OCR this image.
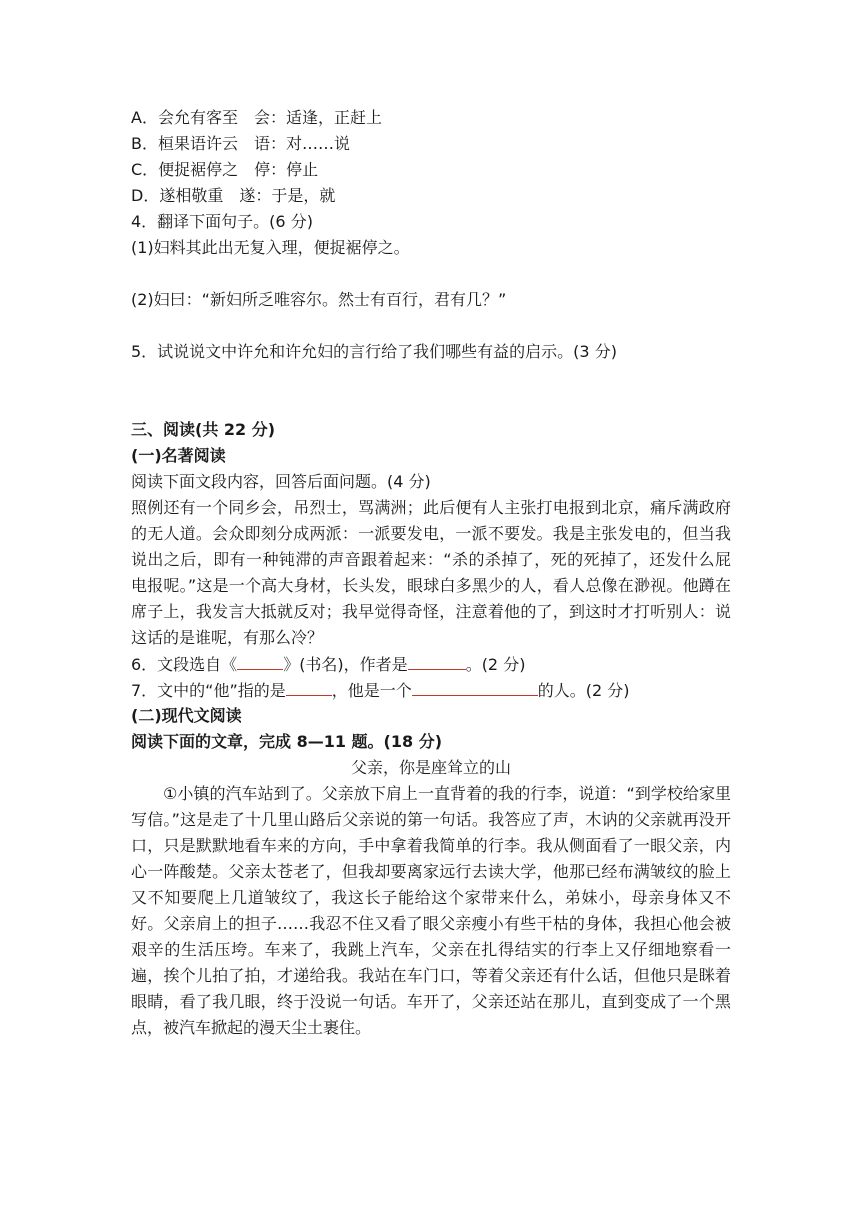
A．会允有客至　会：适逢，正赶上
B．桓果语许云　语：对……说
C．便捉裾停之　停：停止
D．遂相敬重　遂：于是，就
4．翻译下面句子。(6 分)
(1)妇料其此出无复入理，便捉裾停之。
(2)妇曰：“新妇所乏唯容尔。然士有百行，君有几？”
5．试说说文中许允和许允妇的言行给了我们哪些有益的启示。(3 分)
三、阅读(共 22 分)
(一)名著阅读
阅读下面文段内容，回答后面问题。(4 分)
照例还有一个同乡会，吊烈士，骂满洲；此后便有人主张打电报到北京，痛斥满政府的无人道。会众即刻分成两派：一派要发电，一派不要发。我是主张发电的，但当我说出之后，即有一种钝滞的声音跟着起来：“杀的杀掉了，死的死掉了，还发什么屁电报呢。”这是一个高大身材，长头发，眼球白多黑少的人，看人总像在渺视。他蹲在席子上，我发言大抵就反对；我早觉得奇怪，注意着他的了，到这时才打听别人：说这话的是谁呢，有那么冷？
6．文段选自《	》(书名)，作者是	。(2 分)
7．文中的“他”指的是	，他是一个	的人。(2 分)
(二)现代文阅读
阅读下面的文章，完成 8—11 题。(18 分)
父亲，你是座耸立的山
①小镇的汽车站到了。父亲放下肩上一直背着的我的行李，说道：“到学校给家里写信。”这是走了十几里山路后父亲说的第一句话。我答应了声，木讷的父亲就再没开口，只是默默地看车来的方向，手中拿着我简单的行李。我从侧面看了一眼父亲，内心一阵酸楚。父亲太苍老了，但我却要离家远行去读大学，他那已经布满皱纹的脸上又不知要爬上几道皱纹了，我这长子能给这个家带来什么，弟妹小，母亲身体又不好。父亲肩上的担子……我忍不住又看了眼父亲瘦小有些干枯的身体，我担心他会被艰辛的生活压垮。车来了，我跳上汽车，父亲在扎得结实的行李上又仔细地察看一遍，挨个儿拍了拍，才递给我。我站在车门口，等着父亲还有什么话，但他只是眯着眼睛，看了我几眼，终于没说一句话。车开了，父亲还站在那儿，直到变成了一个黑点，被汽车掀起的漫天尘土裹住。
